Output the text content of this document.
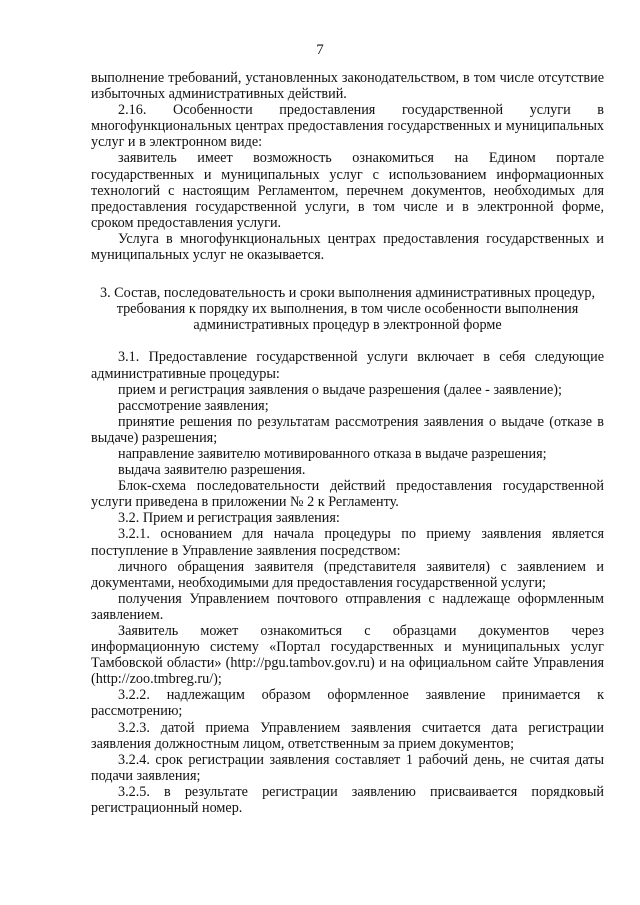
7

выполнение требований, установленных законодательством, в том числе отсутствие избыточных административных действий.

2.16. Особенности предоставления государственной услуги в многофункциональных центрах предоставления государственных и муниципальных услуг и в электронном виде:

заявитель имеет возможность ознакомиться на Едином портале государственных и муниципальных услуг с использованием информационных технологий с настоящим Регламентом, перечнем документов, необходимых для предоставления государственной услуги, в том числе и в электронной форме, сроком предоставления услуги.

Услуга в многофункциональных центрах предоставления государственных и муниципальных услуг не оказывается.

3. Состав, последовательность и сроки выполнения административных процедур, требования к порядку их выполнения, в том числе особенности выполнения административных процедур в электронной форме

3.1. Предоставление государственной услуги включает в себя следующие административные процедуры:

прием и регистрация заявления о выдаче разрешения (далее - заявление);

рассмотрение заявления;

принятие решения по результатам рассмотрения заявления о выдаче (отказе в выдаче) разрешения;

направление заявителю мотивированного отказа в выдаче разрешения;

выдача заявителю разрешения.

Блок-схема последовательности действий предоставления государственной услуги приведена в приложении № 2 к Регламенту.

3.2. Прием и регистрация заявления:

3.2.1. основанием для начала процедуры по приему заявления является поступление в Управление заявления посредством:

личного обращения заявителя (представителя заявителя) с заявлением и документами, необходимыми для предоставления государственной услуги;

получения Управлением почтового отправления с надлежаще оформленным заявлением.

Заявитель может ознакомиться с образцами документов через информационную систему «Портал государственных и муниципальных услуг Тамбовской области» (http://pgu.tambov.gov.ru) и на официальном сайте Управления (http://zoo.tmbreg.ru/);

3.2.2. надлежащим образом оформленное заявление принимается к рассмотрению;

3.2.3. датой приема Управлением заявления считается дата регистрации заявления должностным лицом, ответственным за прием документов;

3.2.4. срок регистрации заявления составляет 1 рабочий день, не считая даты подачи заявления;

3.2.5. в результате регистрации заявлению присваивается порядковый регистрационный номер.
